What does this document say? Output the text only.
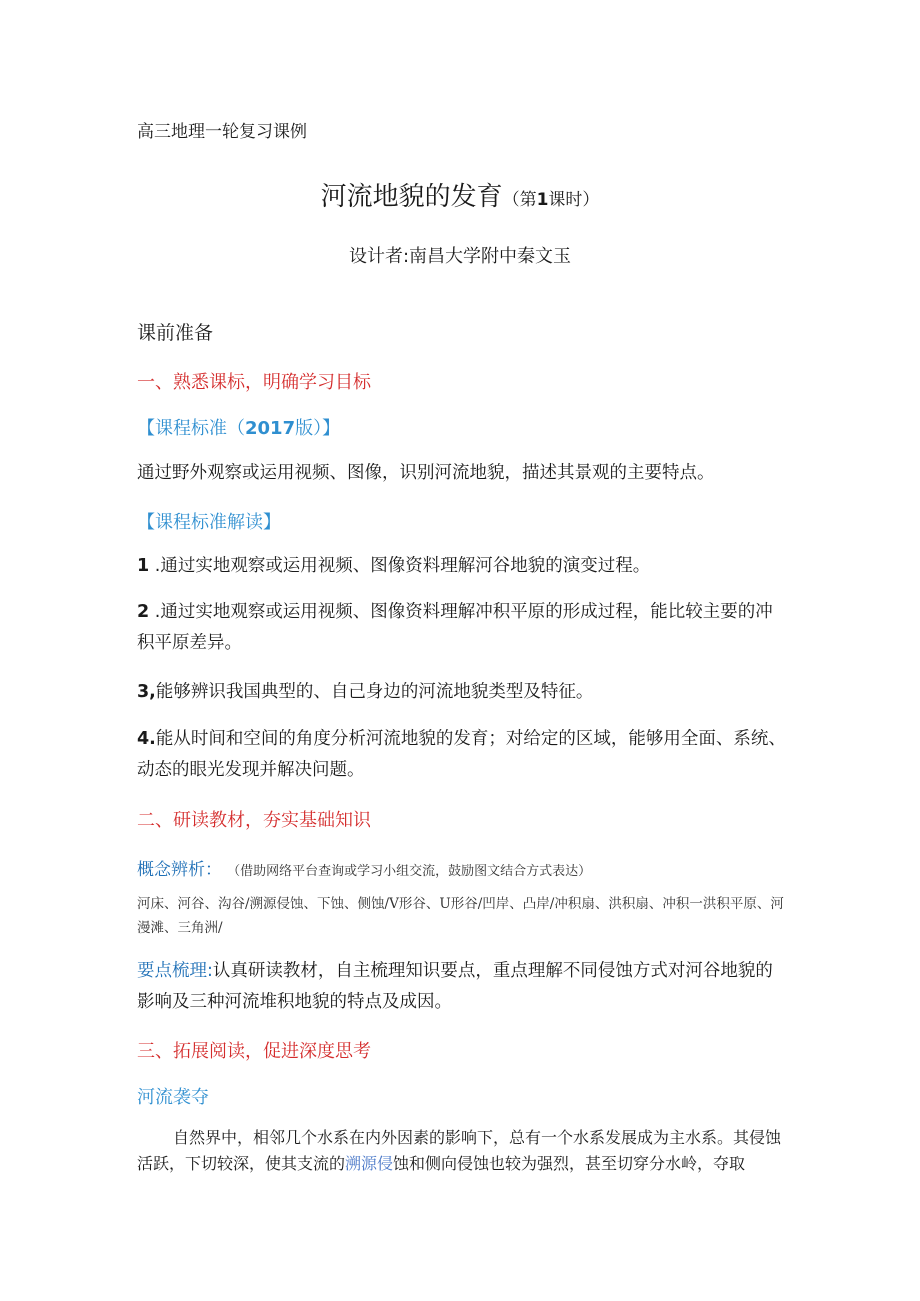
高三地理一轮复习课例
河流地貌的发育（第1课时）
设计者:南昌大学附中秦文玉
课前准备
一、熟悉课标，明确学习目标
【课程标准（2017版）】
通过野外观察或运用视频、图像，识别河流地貌，描述其景观的主要特点。
【课程标准解读】
1 .通过实地观察或运用视频、图像资料理解河谷地貌的演变过程。
2 .通过实地观察或运用视频、图像资料理解冲积平原的形成过程，能比较主要的冲积平原差异。
3,能够辨识我国典型的、自己身边的河流地貌类型及特征。
4.能从时间和空间的角度分析河流地貌的发育；对给定的区域，能够用全面、系统、动态的眼光发现并解决问题。
二、研读教材，夯实基础知识
概念辨析： （借助网络平台查询或学习小组交流，鼓励图文结合方式表达）
河床、河谷、沟谷/溯源侵蚀、下蚀、侧蚀/V形谷、U形谷/凹岸、凸岸/冲积扇、洪积扇、冲积一洪积平原、河漫滩、三角洲/
要点梳理:认真研读教材，自主梳理知识要点，重点理解不同侵蚀方式对河谷地貌的影响及三种河流堆积地貌的特点及成因。
三、拓展阅读，促进深度思考
河流袭夺
自然界中，相邻几个水系在内外因素的影响下，总有一个水系发展成为主水系。其侵蚀活跃，下切较深，使其支流的溯源侵蚀和侧向侵蚀也较为强烈，甚至切穿分水岭，夺取
